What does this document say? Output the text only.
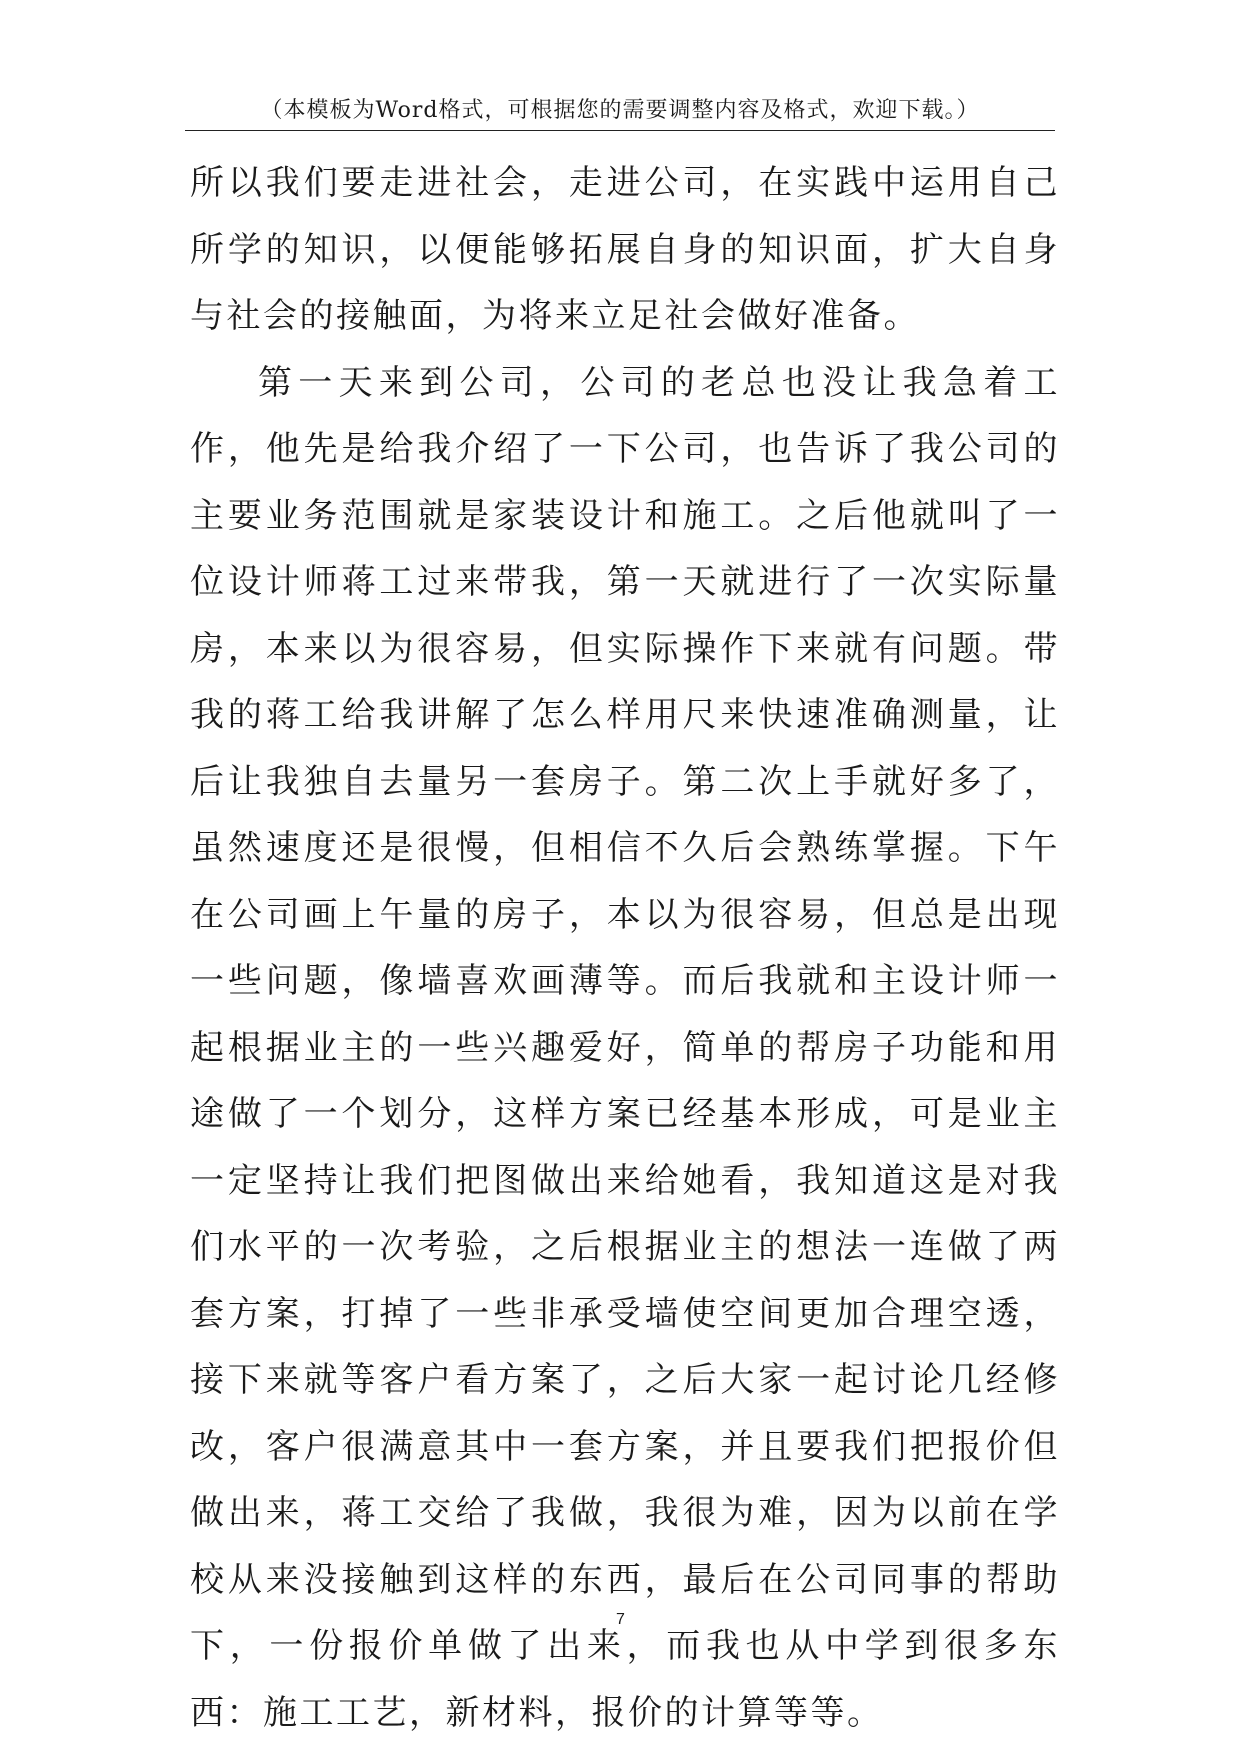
（本模板为Word格式，可根据您的需要调整内容及格式，欢迎下载。）

所以我们要走进社会，走进公司，在实践中运用自己所学的知识，以便能够拓展自身的知识面，扩大自身与社会的接触面，为将来立足社会做好准备。

第一天来到公司，公司的老总也没让我急着工作，他先是给我介绍了一下公司，也告诉了我公司的主要业务范围就是家装设计和施工。之后他就叫了一位设计师蒋工过来带我，第一天就进行了一次实际量房，本来以为很容易，但实际操作下来就有问题。带我的蒋工给我讲解了怎么样用尺来快速准确测量，让后让我独自去量另一套房子。第二次上手就好多了，虽然速度还是很慢，但相信不久后会熟练掌握。下午在公司画上午量的房子，本以为很容易，但总是出现一些问题，像墙喜欢画薄等。而后我就和主设计师一起根据业主的一些兴趣爱好，简单的帮房子功能和用途做了一个划分，这样方案已经基本形成，可是业主一定坚持让我们把图做出来给她看，我知道这是对我们水平的一次考验，之后根据业主的想法一连做了两套方案，打掉了一些非承受墙使空间更加合理空透，接下来就等客户看方案了，之后大家一起讨论几经修改，客户很满意其中一套方案，并且要我们把报价但做出来，蒋工交给了我做，我很为难，因为以前在学校从来没接触到这样的东西，最后在公司同事的帮助下，一份报价单做了出来，而我也从中学到很多东西：施工工艺，新材料，报价的计算等等。

7
